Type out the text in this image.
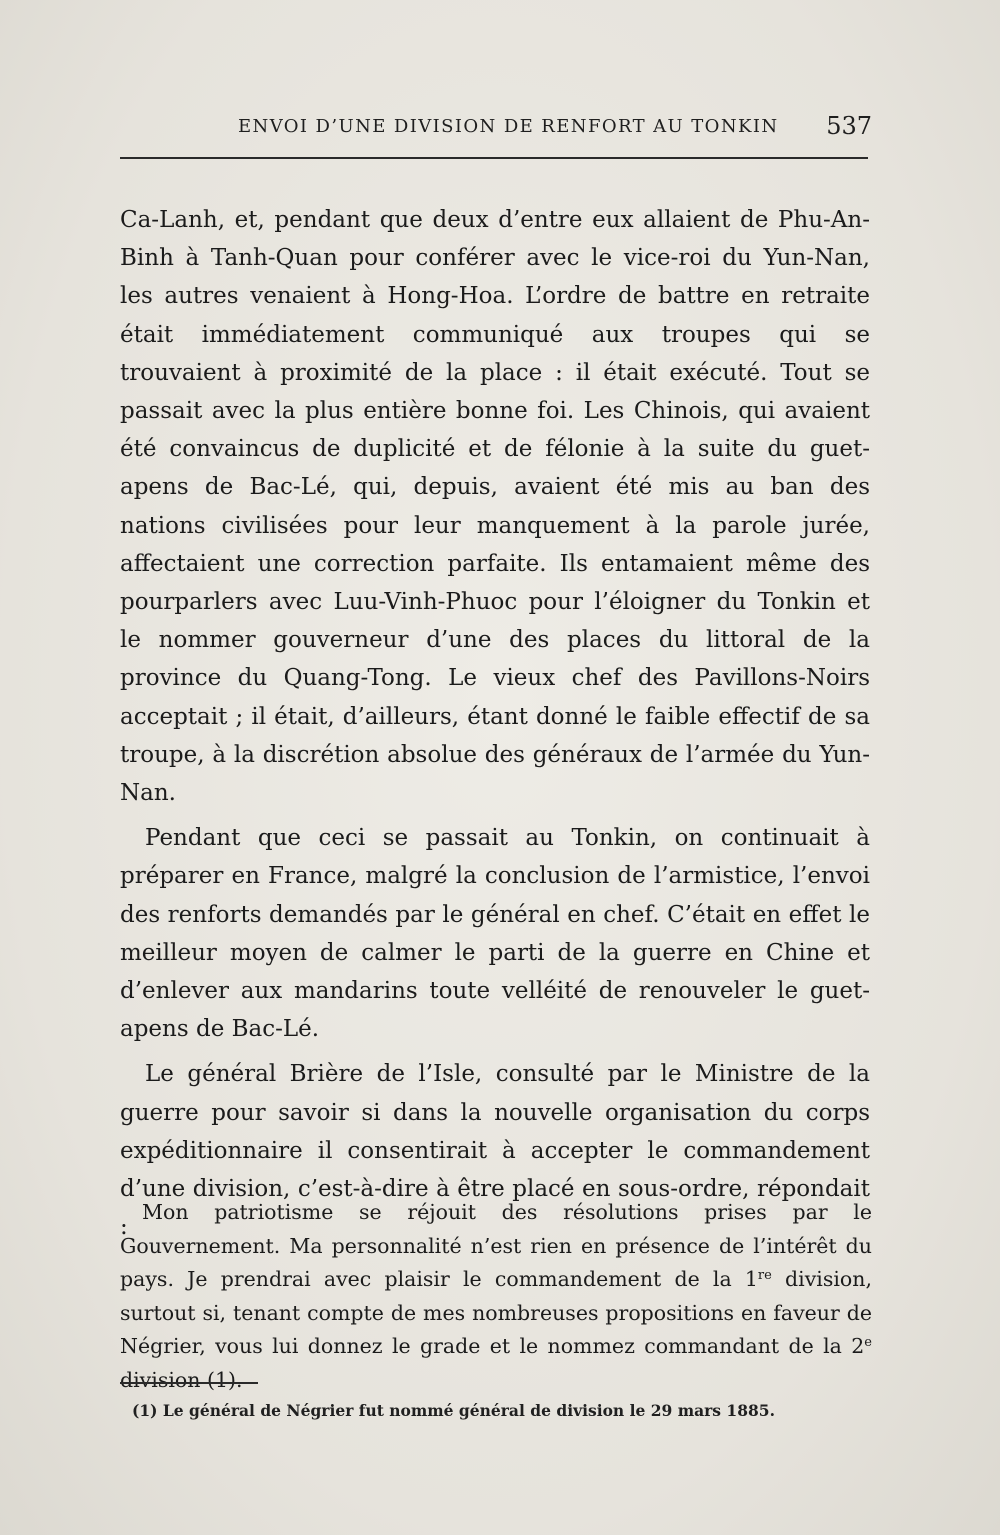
ENVOI D’UNE DIVISION DE RENFORT AU TONKIN 537

Ca-Lanh, et, pendant que deux d’entre eux allaient de Phu-An-Binh à Tanh-Quan pour conférer avec le vice-roi du Yun-Nan, les autres venaient à Hong-Hoa. L’ordre de battre en retraite était immédiatement communiqué aux troupes qui se trouvaient à proximité de la place : il était exécuté. Tout se passait avec la plus entière bonne foi. Les Chinois, qui avaient été convaincus de duplicité et de félonie à la suite du guet-apens de Bac-Lé, qui, depuis, avaient été mis au ban des nations civilisées pour leur manquement à la parole jurée, affectaient une correction parfaite. Ils entamaient même des pourparlers avec Luu-Vinh-Phuoc pour l’éloigner du Tonkin et le nommer gouverneur d’une des places du littoral de la province du Quang-Tong. Le vieux chef des Pavillons-Noirs acceptait ; il était, d’ailleurs, étant donné le faible effectif de sa troupe, à la discrétion absolue des généraux de l’armée du Yun-Nan.

Pendant que ceci se passait au Tonkin, on continuait à préparer en France, malgré la conclusion de l’armistice, l’envoi des renforts demandés par le général en chef. C’était en effet le meilleur moyen de calmer le parti de la guerre en Chine et d’enlever aux mandarins toute velléité de renouveler le guet-apens de Bac-Lé.

Le général Brière de l’Isle, consulté par le Ministre de la guerre pour savoir si dans la nouvelle organisation du corps expéditionnaire il consentirait à accepter le commandement d’une division, c’est-à-dire à être placé en sous-ordre, répondait :

Mon patriotisme se réjouit des résolutions prises par le Gouvernement. Ma personnalité n’est rien en présence de l’intérêt du pays. Je prendrai avec plaisir le commandement de la 1re division, surtout si, tenant compte de mes nombreuses propositions en faveur de Négrier, vous lui donnez le grade et le nommez commandant de la 2e division (1).

(1) Le général de Négrier fut nommé général de division le 29 mars 1885.
